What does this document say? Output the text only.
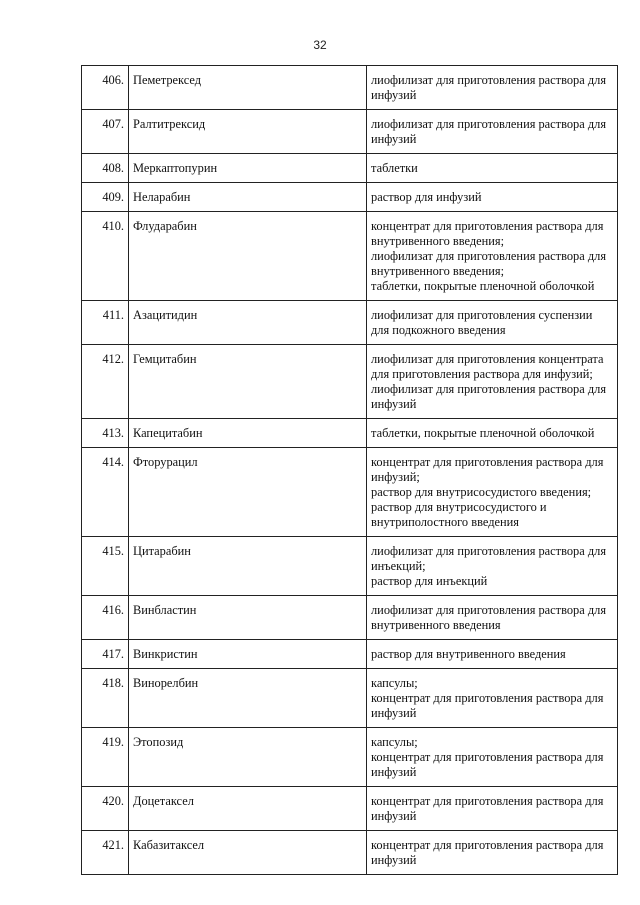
32
406.	Пеметрексед	лиофилизат для приготовления раствора для инфузий

407.	Ралтитрексид	лиофилизат для приготовления раствора для инфузий

408.	Меркаптопурин	таблетки

409.	Неларабин	раствор для инфузий

410.	Флударабин	концентрат для приготовления раствора для внутривенного введения;
лиофилизат для приготовления раствора для внутривенного введения;
таблетки, покрытые пленочной оболочкой

411.	Азацитидин	лиофилизат для приготовления суспензии для подкожного введения

412.	Гемцитабин	лиофилизат для приготовления концентрата для приготовления раствора для инфузий;
лиофилизат для приготовления раствора для инфузий

413.	Капецитабин	таблетки, покрытые пленочной оболочкой

414.	Фторурацил	концентрат для приготовления раствора для инфузий;
раствор для внутрисосудистого введения;
раствор для внутрисосудистого и внутриполостного введения

415.	Цитарабин	лиофилизат для приготовления раствора для инъекций;
раствор для инъекций

416.	Винбластин	лиофилизат для приготовления раствора для внутривенного введения

417.	Винкристин	раствор для внутривенного введения

418.	Винорелбин	капсулы;
концентрат для приготовления раствора для инфузий

419.	Этопозид	капсулы;
концентрат для приготовления раствора для инфузий

420.	Доцетаксел	концентрат для приготовления раствора для инфузий

421.	Кабазитаксел	концентрат для приготовления раствора для инфузий
